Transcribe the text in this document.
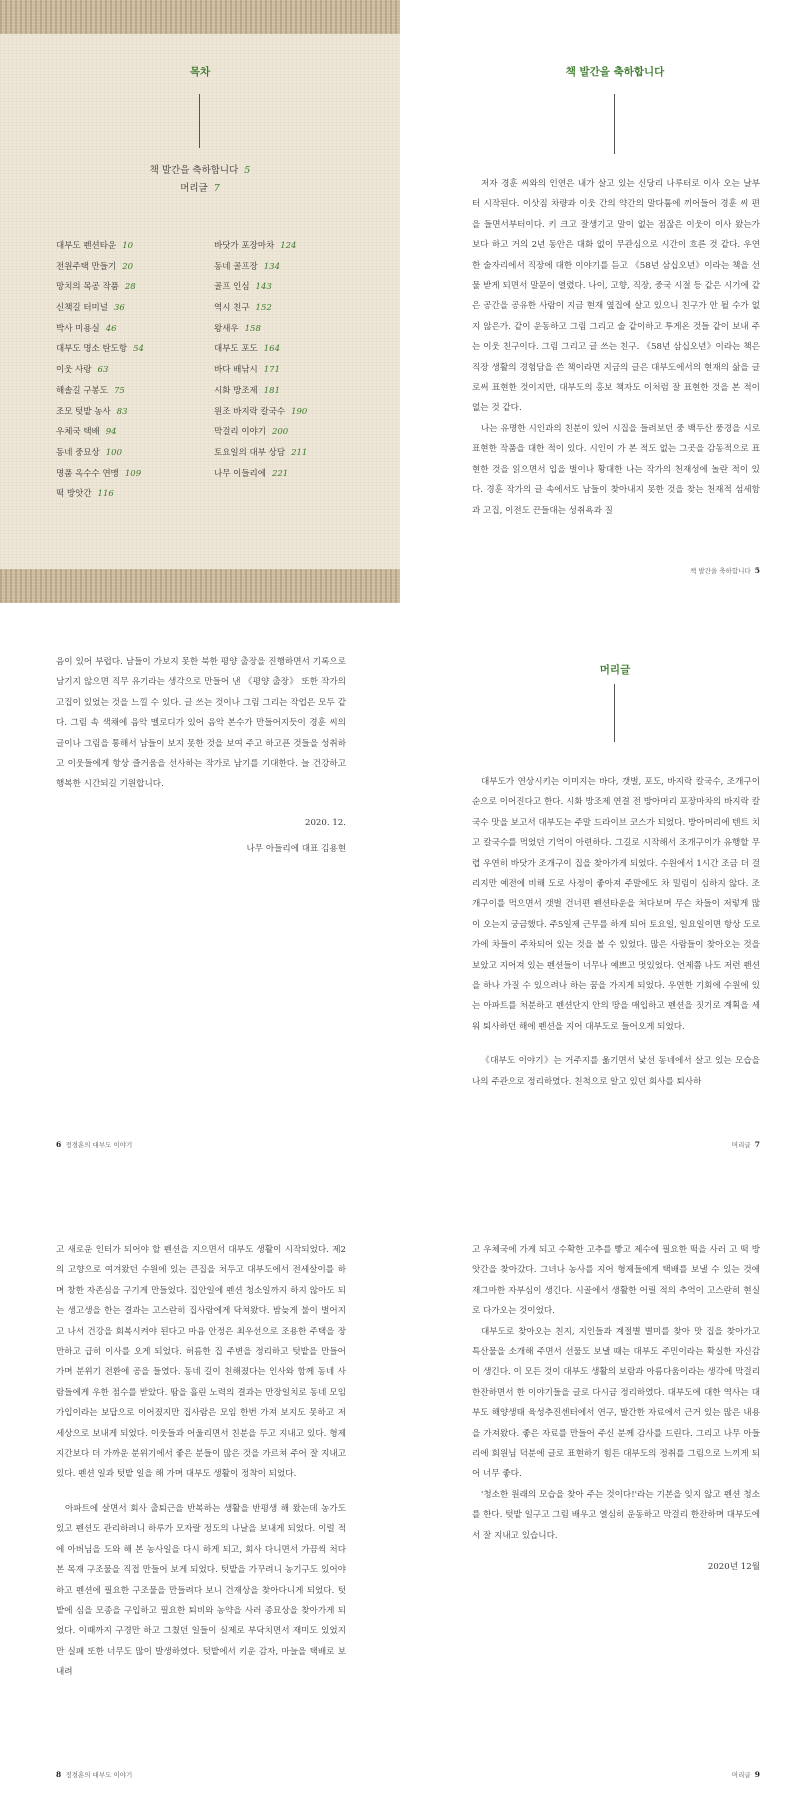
목차
책 발간을 축하합니다 5
머리글 7
대부도 펜션타운 10
전원주택 만들기 20
망치의 목공 작품 28
신책길 터미널 36
박사 미용실 46
대부도 명소 탄도항 54
이웃 사랑 63
해솔길 구봉도 75
조모 텃밭 농사 83
우체국 택배 94
동네 중묘상 100
명품 옥수수 연맹 109
떡 방앗간 116
바닷가 포장마차 124
동네 골프장 134
골프 인심 143
역시 친구 152
왕새우 158
대부도 포도 164
바다 배낚시 171
시화 방조제 181
원조 바지락 칼국수 190
막걸리 이야기 200
토요일의 대부 상담 211
나무 이들리에 221
책 발간을 축하합니다

저자 경훈 씨와의 인연은 내가 살고 있는 신당리 나루터로 이사 오는 날부터 시작된다. 이삿짐 차량과 이웃 간의 약간의 말다툼에 끼어들어 경훈 씨 편을 들면서부터이다. 키 크고 잘생기고 말이 없는 점잖은 이웃이 이사 왔는가 보다 하고 거의 2년 동안은 대화 없이 무관심으로 시간이 흐른 것 같다. 우연한 술자리에서 직장에 대한 이야기를 듣고 《58년 삼십오년》이라는 책을 선물 받게 되면서 말문이 열렸다. 나이, 고향, 직장, 중국 시절 등 같은 시기에 같은 공간을 공유한 사람이 지금 현재 옆집에 살고 있으니 친구가 안 될 수가 없지 않은가. 같이 운동하고 그림 그리고 술 같이하고 투게온 것들 같이 보내 주는 이웃 친구이다. 그림 그리고 글 쓰는 친구. 《58년 삼십오년》이라는 책은 직장 생활의 경험담을 쓴 책이라면 지금의 글은 대부도에서의 현재의 삶을 글로써 표현한 것이지만, 대부도의 홍보 책자도 이처럼 잘 표현한 것을 본 적이 없는 것 같다.

나는 유명한 시인과의 친분이 있어 시집을 들려보던 중 백두산 풍경을 시로 표현한 작품을 대한 적이 있다. 시인이 가 본 적도 없는 그곳을 감동적으로 표현한 것을 읽으면서 입을 벌이나 황대한 나는 작가의 천재성에 놀란 적이 있다. 경훈 작가의 글 속에서도 남들이 찾아내지 못한 것을 찾는 천재적 섬세함과 고집, 이전도 끈들대는 성취욕과 질

책 발간을 축하합니다 5

음이 있어 부럽다. 남들이 가보지 못한 북한 평양 출장을 진행하면서 기록으로 남기지 않으면 직무 유기라는 생각으로 만들어 낸 《평양 출장》 또한 작가의 고집이 있었는 것을 느낄 수 있다. 글 쓰는 것이나 그림 그리는 작업은 모두 같다. 그림 속 색채에 음악 멜로디가 있어 음악 본수가 만들어지듯이 경훈 씨의 글이나 그림을 통해서 남들이 보지 못한 것을 보여 주고 하고픈 것들을 성취하고 이웃들에게 항상 즐거움을 선사하는 작가로 남기를 기대한다. 늘 건강하고 행복한 시간되길 기원합니다.

2020. 12.
나무 아들리에 대표 김용현
6 정경훈의 대부도 이야기
머리글

대부도가 연상시키는 이미지는 바다, 갯벌, 포도, 바지락 칼국수, 조개구이 순으로 이어진다고 한다. 시화 방조제 연결 전 방아머리 포장마차의 바지락 칼국수 맛을 보고서 대부도는 주말 드라이브 코스가 되었다. 방아머리에 텐트 치고 칼국수를 먹었던 기억이 아련하다. 그길로 시작해서 조개구이가 유행할 무렵 우연히 바닷가 조개구이 집을 찾아가게 되었다. 수원에서 1시간 조금 더 걸리지만 예전에 비해 도로 사정이 좋아져 주말에도 차 밀림이 심하지 않다. 조개구이를 먹으면서 갯벌 건너편 펜션타운을 쳐다보며 무슨 차들이 저렇게 많이 오는지 궁금했다. 주5일제 근무를 하게 되어 토요일, 일요일이면 항상 도로가에 차들이 주차되어 있는 것을 볼 수 있었다. 많은 사람들이 찾아오는 것을 보았고 지어져 있는 펜션들이 너무나 예쁘고 멋있었다. 언제쯤 나도 저런 펜션을 하나 가질 수 있으려나 하는 꿈을 가지게 되었다. 우연한 기회에 수원에 있는 아파트를 처분하고 펜션단지 안의 땅을 매입하고 펜션을 짓기로 계획을 세워 퇴사하던 해에 펜션을 지어 대부도로 들어오게 되었다.

《대부도 이야기》는 거주지를 옮기면서 낯선 동네에서 살고 있는 모습을 나의 주관으로 정리하였다. 친척으로 알고 있던 회사를 퇴사하

머리글 7

고 새로운 인터가 되어야 할 펜션을 지으면서 대부도 생활이 시작되었다. 제2의 고향으로 여겨왔던 수원에 있는 큰집을 처두고 대부도에서 전세살이를 하며 창한 자존심을 구기게 만들었다. 집안일에 펜션 청소일까지 하지 않아도 되는 생고생을 한는 결과는 고스란히 집사람에게 닥쳐왔다. 밤늦게 불이 벌어지고 나서 건강을 회복시켜야 된다고 마음 안정은 최우선으로 조용한 주택을 장만하고 급히 이사를 오게 되었다. 허름한 집 주변을 정리하고 텃밭을 만들어 가며 분위기 전환에 공을 들였다. 동네 길이 친해졌다는 인사와 함께 동네 사람들에게 우한 점수를 받았다. 땀을 흘린 노력의 결과는 만장일치로 동네 모임 가입이라는 보답으로 이어졌지만 집사람은 모임 한번 가져 보지도 못하고 저 세상으로 보내게 되었다. 이웃들과 어울리면서 친분을 두고 지내고 있다. 형제지간보다 더 가까운 분위기에서 좋은 분들이 많은 것을 가르쳐 주어 잘 지내고 있다. 펜션 일과 텃밭 일을 해 가며 대부도 생활이 정착이 되었다.

아파트에 살면서 회사 출퇴근을 반복하는 생활을 반평생 해 왔는데 농가도 있고 펜션도 관리하려니 하루가 모자랄 정도의 나날을 보내게 되었다. 이럴 적에 아버님을 도와 해 본 농사일을 다시 하게 되고, 회사 다니면서 가끔씩 처다본 목재 구조물을 직접 만들어 보게 되었다. 텃밭을 가꾸려니 농기구도 있어야 하고 펜션에 필요한 구조물을 만들려다 보니 건재상을 찾아다니게 되었다. 텃밭에 심을 모종을 구입하고 필요한 퇴비와 농약을 사러 종묘상을 찾아가게 되었다. 이때까지 구경만 하고 그쳤던 일들이 실제로 부닥치면서 재미도 있었지만 실패 또한 너무도 많이 발생하였다. 텃밭에서 키운 감자, 마늘을 택배로 보내려

8 정경훈의 대부도 이야기

고 우체국에 가게 되고 수확한 고추를 빻고 제수에 필요한 떡을 사러 고 떡 방앗간을 찾아갔다. 그녀나 농사를 지어 형제들에게 택배를 보낼 수 있는 것에 재그마한 자부심이 생긴다. 시골에서 생활한 어릴 적의 추억이 고스란히 현실로 다가오는 것이었다.

대부도로 찾아오는 친지, 지인들과 계절별 별미를 찾아 맛 집을 찾아가고 특산물을 소개해 주면서 선물도 보낼 때는 대부도 주민이라는 확실한 자신감이 생긴다. 이 모든 것이 대부도 생활의 보람과 아름다움이라는 생각에 막걸리 한잔하면서 한 이야기들을 글로 다시금 정리하였다. 대부도에 대한 역사는 대부도 해양생태 육성추진센터에서 연구, 발간한 자료에서 근거 있는 많은 내용을 가져왔다. 좋은 자료를 만들어 주신 분께 감사를 드린다. 그리고 나무 아들리에 회원님 덕분에 글로 표현하기 힘든 대부도의 정취를 그림으로 느끼게 되어 너무 좋다.

'청소한 원래의 모습을 찾아 주는 것이다!'라는 기본을 잊지 않고 펜션 청소를 한다. 텃밭 일구고 그림 배우고 열심히 운동하고 막걸리 한잔하며 대부도에서 잘 지내고 있습니다.

2020년 12월
머리글 9
